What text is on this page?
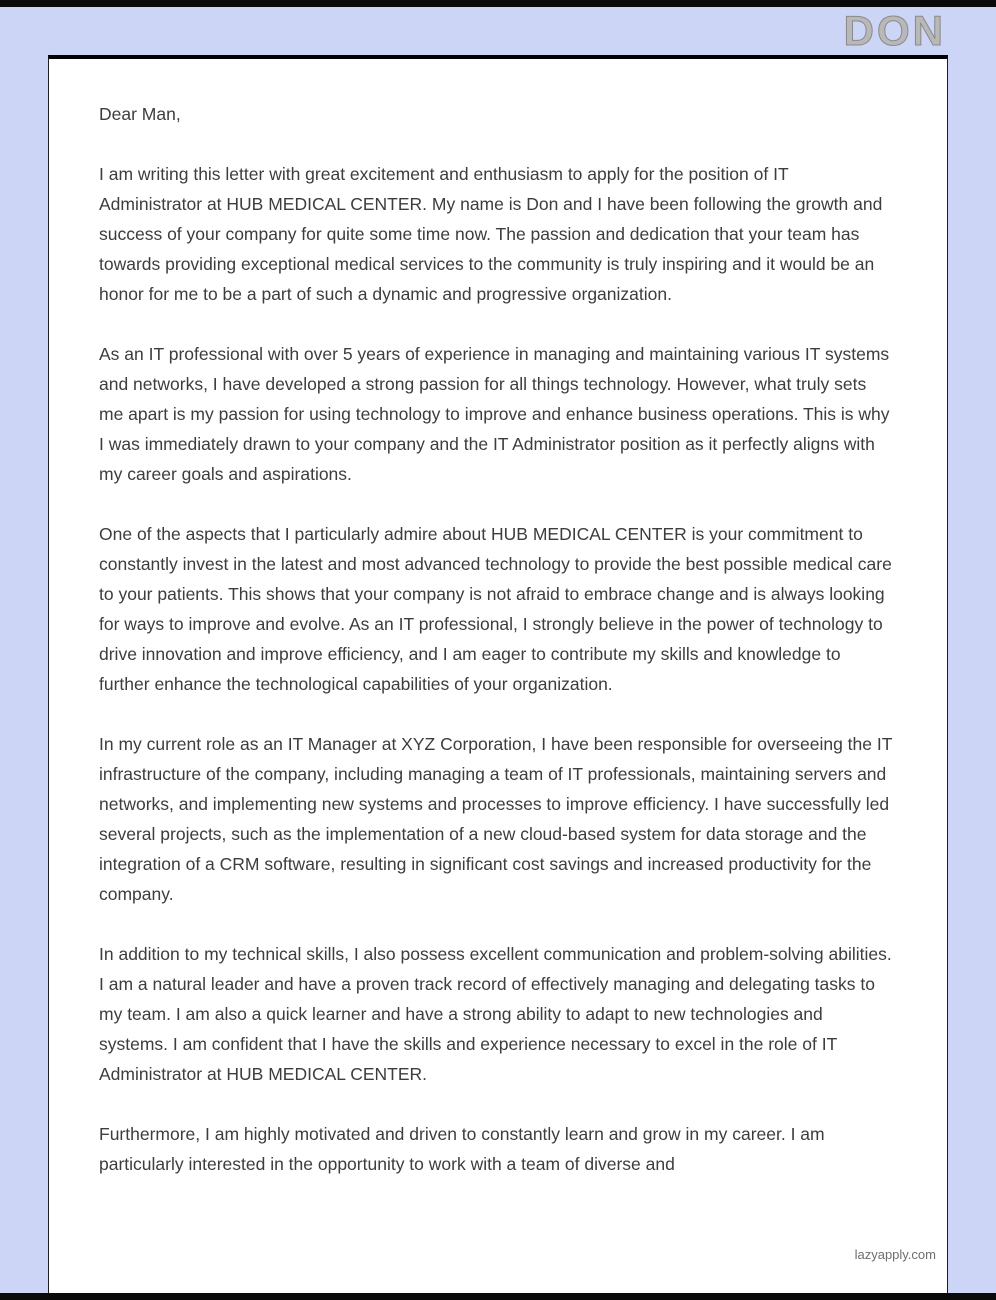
DON

Dear Man,

I am writing this letter with great excitement and enthusiasm to apply for the position of IT Administrator at HUB MEDICAL CENTER. My name is Don and I have been following the growth and success of your company for quite some time now. The passion and dedication that your team has towards providing exceptional medical services to the community is truly inspiring and it would be an honor for me to be a part of such a dynamic and progressive organization.

As an IT professional with over 5 years of experience in managing and maintaining various IT systems and networks, I have developed a strong passion for all things technology. However, what truly sets me apart is my passion for using technology to improve and enhance business operations. This is why I was immediately drawn to your company and the IT Administrator position as it perfectly aligns with my career goals and aspirations.

One of the aspects that I particularly admire about HUB MEDICAL CENTER is your commitment to constantly invest in the latest and most advanced technology to provide the best possible medical care to your patients. This shows that your company is not afraid to embrace change and is always looking for ways to improve and evolve. As an IT professional, I strongly believe in the power of technology to drive innovation and improve efficiency, and I am eager to contribute my skills and knowledge to further enhance the technological capabilities of your organization.

In my current role as an IT Manager at XYZ Corporation, I have been responsible for overseeing the IT infrastructure of the company, including managing a team of IT professionals, maintaining servers and networks, and implementing new systems and processes to improve efficiency. I have successfully led several projects, such as the implementation of a new cloud-based system for data storage and the integration of a CRM software, resulting in significant cost savings and increased productivity for the company.

In addition to my technical skills, I also possess excellent communication and problem-solving abilities. I am a natural leader and have a proven track record of effectively managing and delegating tasks to my team. I am also a quick learner and have a strong ability to adapt to new technologies and systems. I am confident that I have the skills and experience necessary to excel in the role of IT Administrator at HUB MEDICAL CENTER.

Furthermore, I am highly motivated and driven to constantly learn and grow in my career. I am particularly interested in the opportunity to work with a team of diverse and

lazyapply.com
